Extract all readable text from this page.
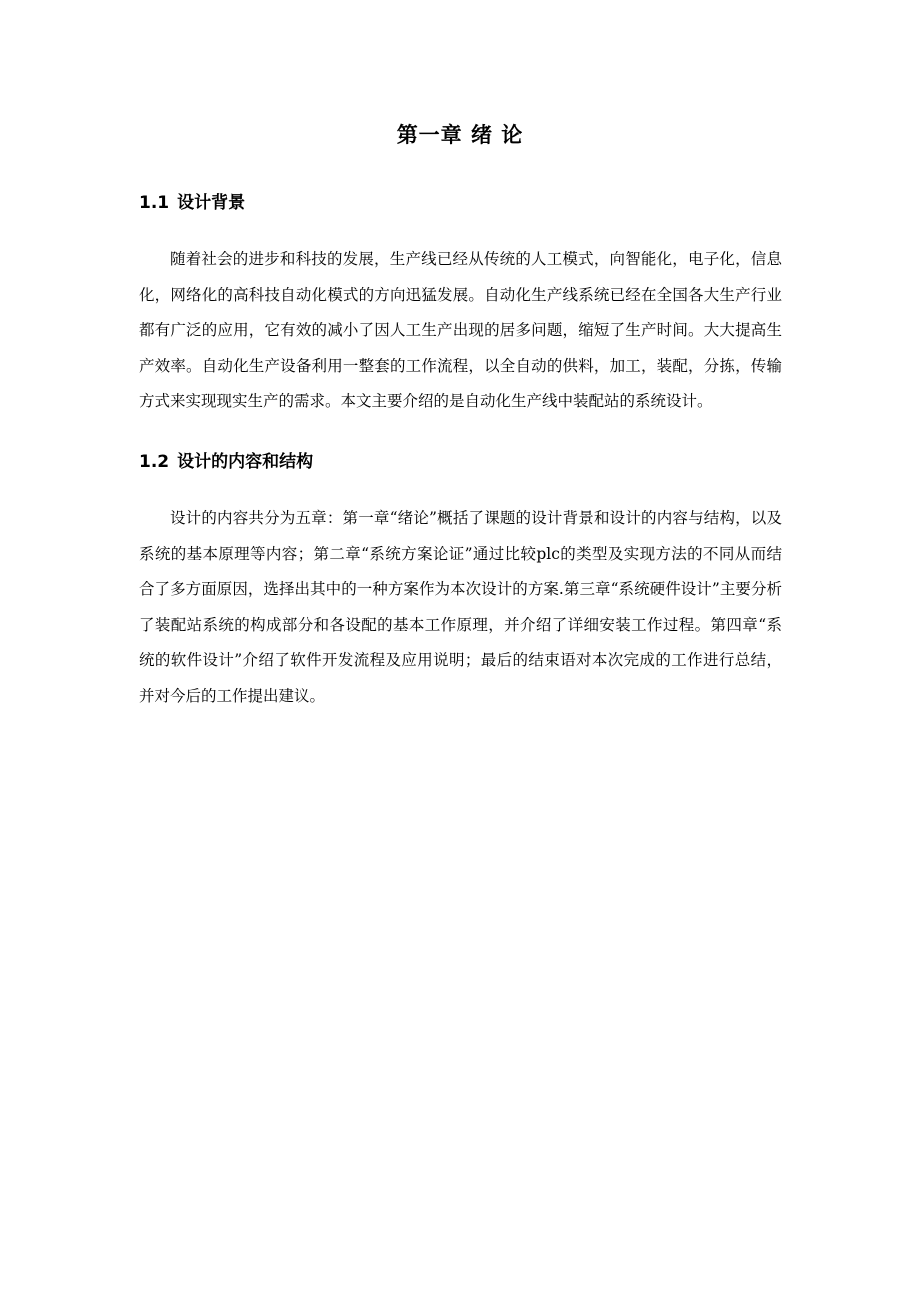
第一章 绪 论
1.1 设计背景

随着社会的进步和科技的发展，生产线已经从传统的人工模式，向智能化，电子化，信息化，网络化的高科技自动化模式的方向迅猛发展。自动化生产线系统已经在全国各大生产行业都有广泛的应用，它有效的减小了因人工生产出现的居多问题，缩短了生产时间。大大提高生产效率。自动化生产设备利用一整套的工作流程，以全自动的供料，加工，装配，分拣，传输方式来实现现实生产的需求。本文主要介绍的是自动化生产线中装配站的系统设计。

1.2 设计的内容和结构

设计的内容共分为五章：第一章“绪论”概括了课题的设计背景和设计的内容与结构，以及系统的基本原理等内容；第二章“系统方案论证”通过比较plc的类型及实现方法的不同从而结合了多方面原因，选择出其中的一种方案作为本次设计的方案.第三章“系统硬件设计”主要分析了装配站系统的构成部分和各设配的基本工作原理，并介绍了详细安装工作过程。第四章“系统的软件设计”介绍了软件开发流程及应用说明；最后的结束语对本次完成的工作进行总结，并对今后的工作提出建议。
